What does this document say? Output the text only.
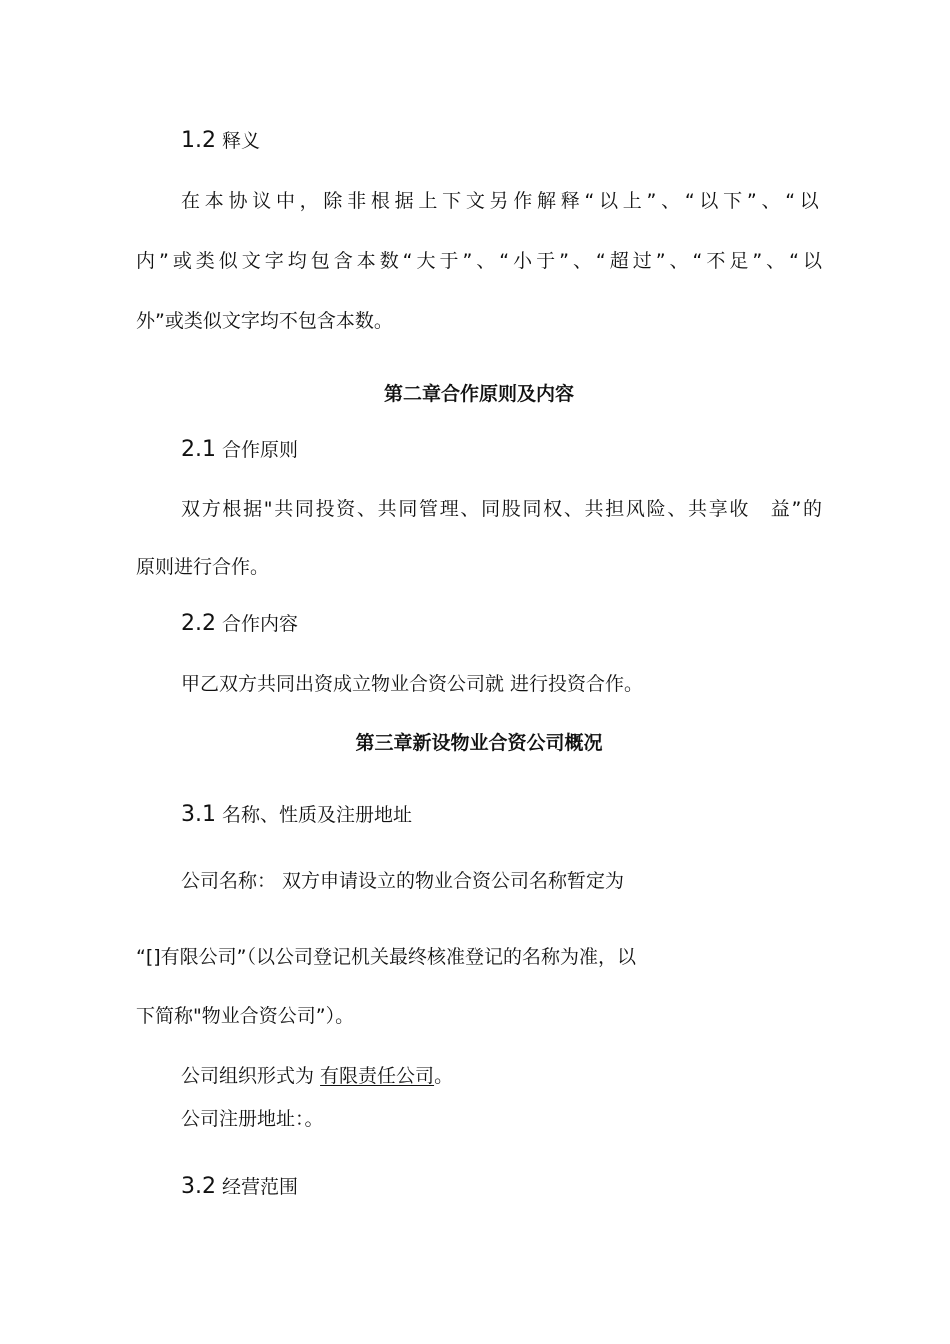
1.2 释义

在本协议中，除非根据上下文另作解释“以上”、“以下”、“以

内”或类似文字均包含本数“大于”、“小于”、“超过”、“不足”、“以

外”或类似文字均不包含本数。

第二章合作原则及内容

2.1 合作原则

双方根据"共同投资、共同管理、同股同权、共担风险、共享收　益”的

原则进行合作。

2.2 合作内容

甲乙双方共同出资成立物业合资公司就 进行投资合作。

第三章新设物业合资公司概况

3.1 名称、性质及注册地址

公司名称： 双方申请设立的物业合资公司名称暂定为

“[]有限公司”（以公司登记机关最终核准登记的名称为准，以

下简称"物业合资公司”）。

公司组织形式为 有限责任公司。

公司注册地址：。

3.2 经营范围
